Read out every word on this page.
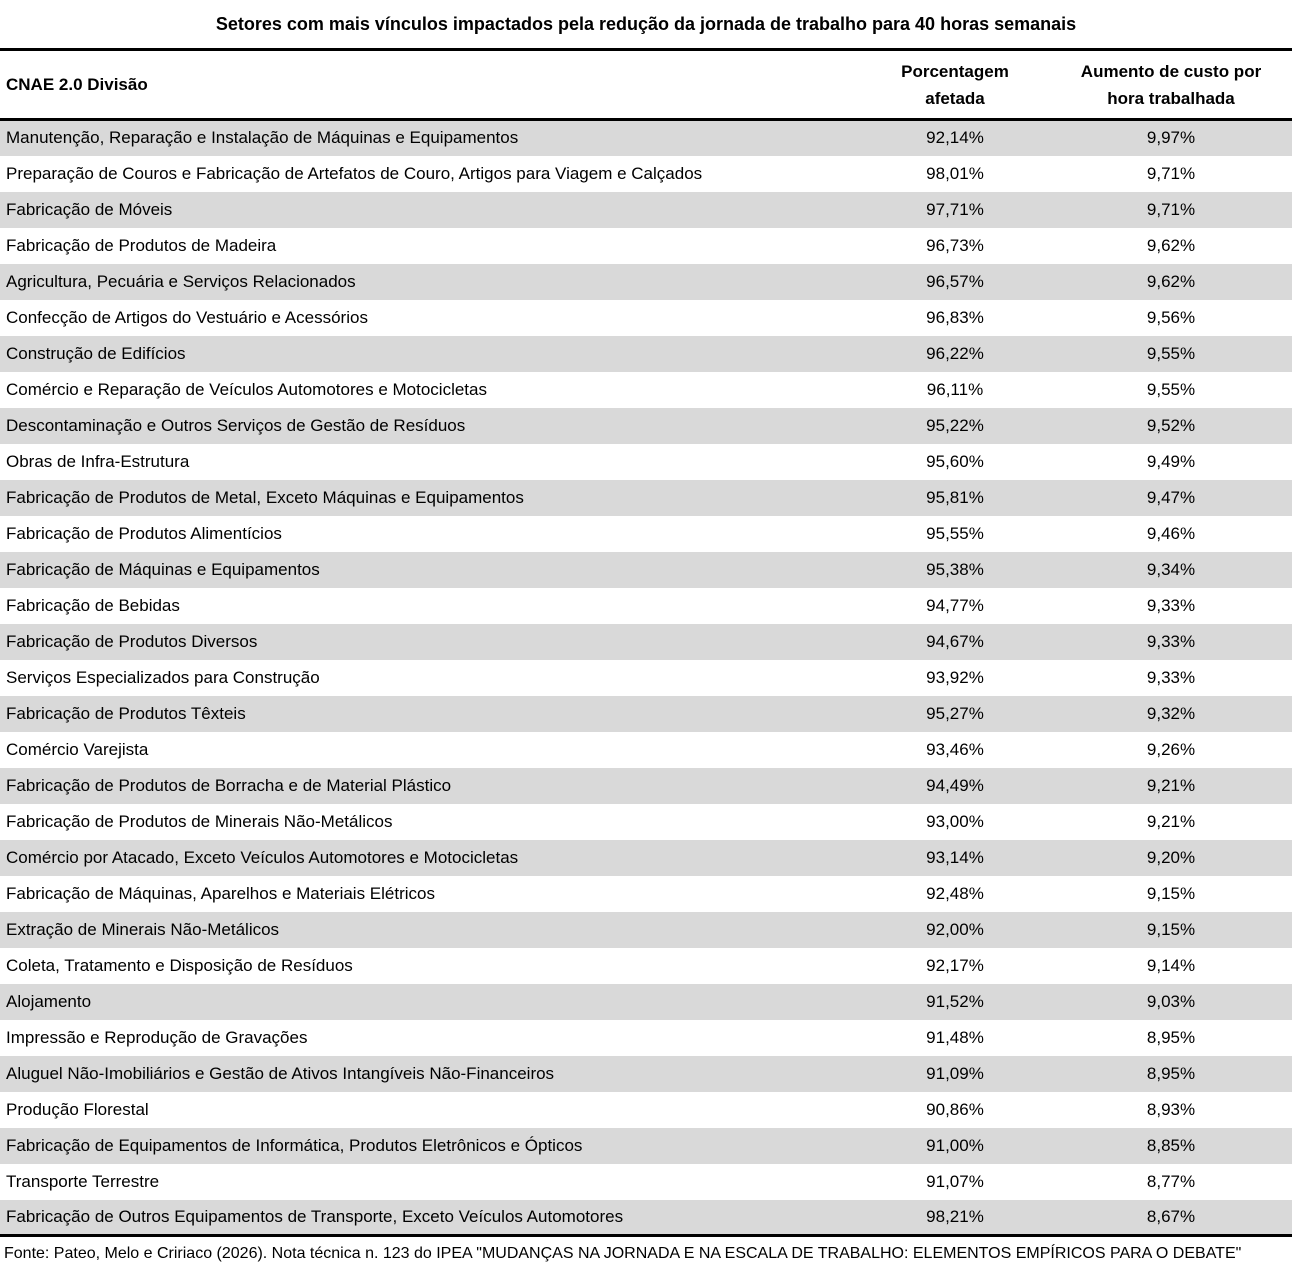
Setores com mais vínculos impactados pela redução da jornada de trabalho para 40 horas semanais
CNAE 2.0 Divisão	Porcentagem afetada	Aumento de custo por hora trabalhada
Manutenção, Reparação e Instalação de Máquinas e Equipamentos	92,14%	9,97%
Preparação de Couros e Fabricação de Artefatos de Couro, Artigos para Viagem e Calçados	98,01%	9,71%
Fabricação de Móveis	97,71%	9,71%
Fabricação de Produtos de Madeira	96,73%	9,62%
Agricultura, Pecuária e Serviços Relacionados	96,57%	9,62%
Confecção de Artigos do Vestuário e Acessórios	96,83%	9,56%
Construção de Edifícios	96,22%	9,55%
Comércio e Reparação de Veículos Automotores e Motocicletas	96,11%	9,55%
Descontaminação e Outros Serviços de Gestão de Resíduos	95,22%	9,52%
Obras de Infra-Estrutura	95,60%	9,49%
Fabricação de Produtos de Metal, Exceto Máquinas e Equipamentos	95,81%	9,47%
Fabricação de Produtos Alimentícios	95,55%	9,46%
Fabricação de Máquinas e Equipamentos	95,38%	9,34%
Fabricação de Bebidas	94,77%	9,33%
Fabricação de Produtos Diversos	94,67%	9,33%
Serviços Especializados para Construção	93,92%	9,33%
Fabricação de Produtos Têxteis	95,27%	9,32%
Comércio Varejista	93,46%	9,26%
Fabricação de Produtos de Borracha e de Material Plástico	94,49%	9,21%
Fabricação de Produtos de Minerais Não-Metálicos	93,00%	9,21%
Comércio por Atacado, Exceto Veículos Automotores e Motocicletas	93,14%	9,20%
Fabricação de Máquinas, Aparelhos e Materiais Elétricos	92,48%	9,15%
Extração de Minerais Não-Metálicos	92,00%	9,15%
Coleta, Tratamento e Disposição de Resíduos	92,17%	9,14%
Alojamento	91,52%	9,03%
Impressão e Reprodução de Gravações	91,48%	8,95%
Aluguel Não-Imobiliários e Gestão de Ativos Intangíveis Não-Financeiros	91,09%	8,95%
Produção Florestal	90,86%	8,93%
Fabricação de Equipamentos de Informática, Produtos Eletrônicos e Ópticos	91,00%	8,85%
Transporte Terrestre	91,07%	8,77%
Fabricação de Outros Equipamentos de Transporte, Exceto Veículos Automotores	98,21%	8,67%
Fonte: Pateo, Melo e Cririaco (2026). Nota técnica n. 123 do IPEA "MUDANÇAS NA JORNADA E NA ESCALA DE TRABALHO: ELEMENTOS EMPÍRICOS PARA O DEBATE"
